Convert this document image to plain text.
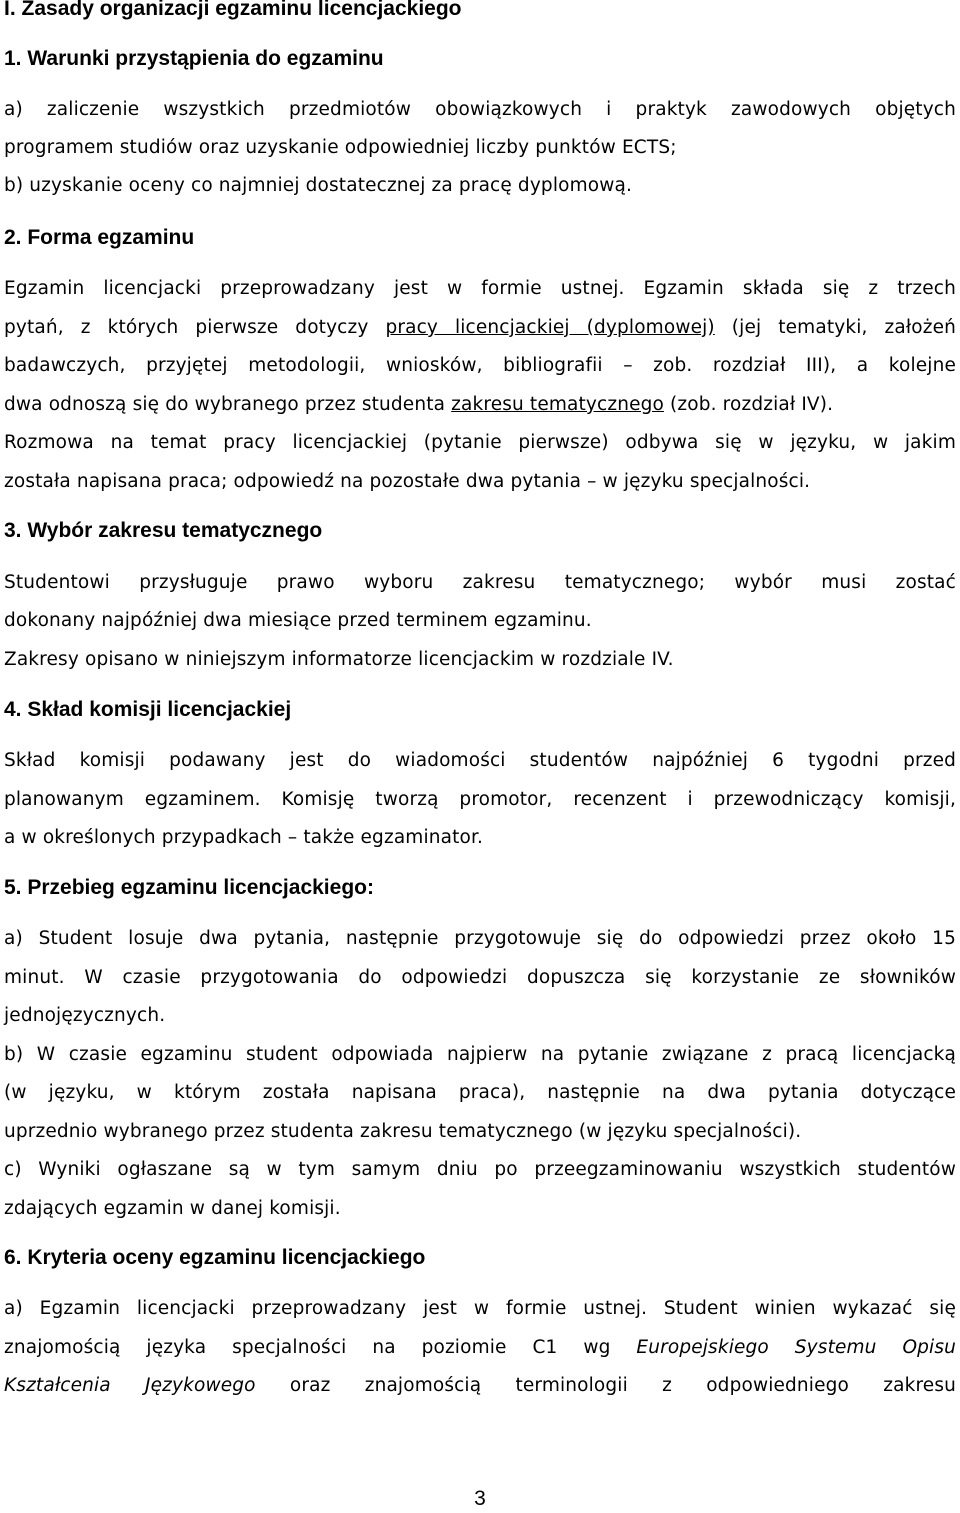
I. Zasady organizacji egzaminu licencjackiego
1. Warunki przystąpienia do egzaminu
a) zaliczenie wszystkich przedmiotów obowiązkowych i praktyk zawodowych objętych
programem studiów oraz uzyskanie odpowiedniej liczby punktów ECTS;
b) uzyskanie oceny co najmniej dostatecznej za pracę dyplomową.
2. Forma egzaminu
Egzamin licencjacki przeprowadzany jest w formie ustnej. Egzamin składa się z trzech
pytań, z których pierwsze dotyczy pracy licencjackiej (dyplomowej) (jej tematyki, założeń
badawczych, przyjętej metodologii, wniosków, bibliografii – zob. rozdział III), a kolejne
dwa odnoszą się do wybranego przez studenta zakresu tematycznego (zob. rozdział IV).
Rozmowa na temat pracy licencjackiej (pytanie pierwsze) odbywa się w języku, w jakim
została napisana praca; odpowiedź na pozostałe dwa pytania – w języku specjalności.
3. Wybór zakresu tematycznego
Studentowi przysługuje prawo wyboru zakresu tematycznego; wybór musi zostać
dokonany najpóźniej dwa miesiące przed terminem egzaminu.
Zakresy opisano w niniejszym informatorze licencjackim w rozdziale IV.
4. Skład komisji licencjackiej
Skład komisji podawany jest do wiadomości studentów najpóźniej 6 tygodni przed
planowanym egzaminem. Komisję tworzą promotor, recenzent i przewodniczący komisji,
a w określonych przypadkach – także egzaminator.
5. Przebieg egzaminu licencjackiego:
a) Student losuje dwa pytania, następnie przygotowuje się do odpowiedzi przez około 15
minut. W czasie przygotowania do odpowiedzi dopuszcza się korzystanie ze słowników
jednojęzycznych.
b) W czasie egzaminu student odpowiada najpierw na pytanie związane z pracą licencjacką
(w języku, w którym została napisana praca), następnie na dwa pytania dotyczące
uprzednio wybranego przez studenta zakresu tematycznego (w języku specjalności).
c) Wyniki ogłaszane są w tym samym dniu po przeegzaminowaniu wszystkich studentów
zdających egzamin w danej komisji.
6. Kryteria oceny egzaminu licencjackiego
a) Egzamin licencjacki przeprowadzany jest w formie ustnej. Student winien wykazać się
znajomością języka specjalności na poziomie C1 wg Europejskiego Systemu Opisu
Kształcenia Językowego oraz znajomością terminologii z odpowiedniego zakresu
3
